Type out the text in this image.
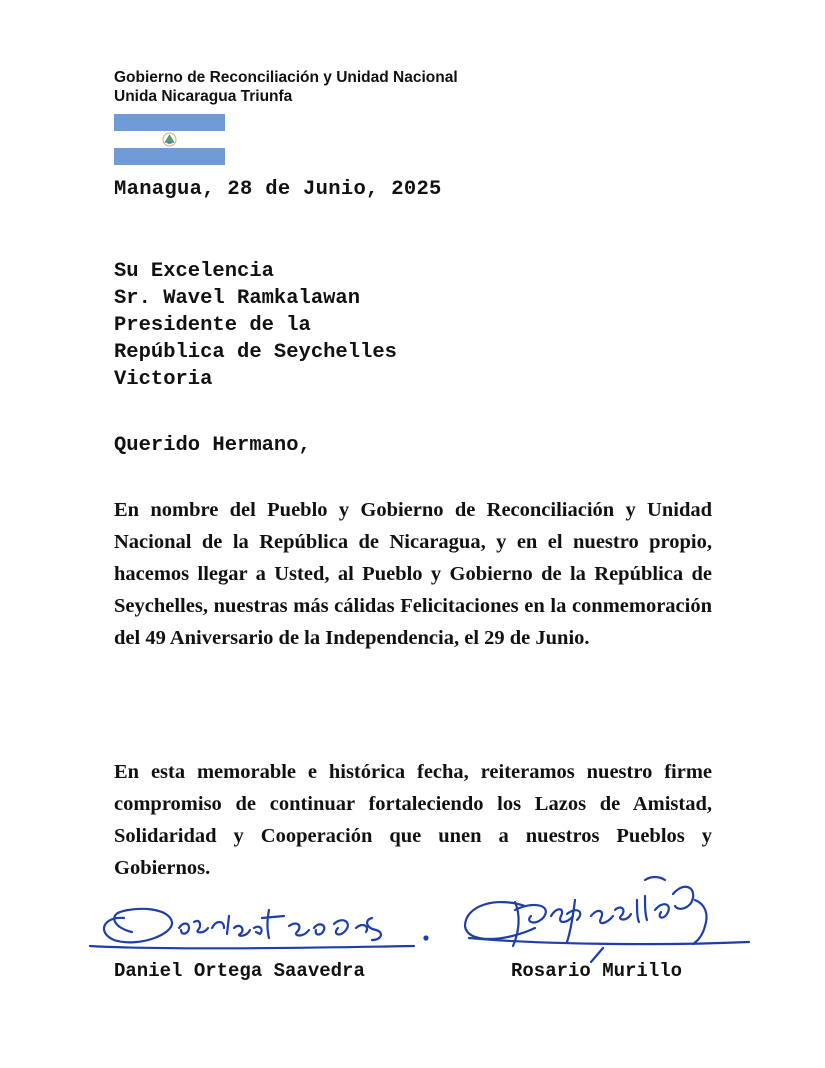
Gobierno de Reconciliación y Unidad Nacional
Unida Nicaragua Triunfa
Managua, 28 de Junio, 2025
Su Excelencia
Sr. Wavel Ramkalawan
Presidente de la
República de Seychelles
Victoria
Querido Hermano,
En nombre del Pueblo y Gobierno de Reconciliación y Unidad Nacional de la República de Nicaragua, y en el nuestro propio, hacemos llegar a Usted, al Pueblo y Gobierno de la República de Seychelles, nuestras más cálidas Felicitaciones en la conmemoración del 49 Aniversario de la Independencia, el 29 de Junio.
En esta memorable e histórica fecha, reiteramos nuestro firme compromiso de continuar fortaleciendo los Lazos de Amistad, Solidaridad y Cooperación que unen a nuestros Pueblos y Gobiernos.
Daniel Ortega Saavedra	Rosario Murillo
